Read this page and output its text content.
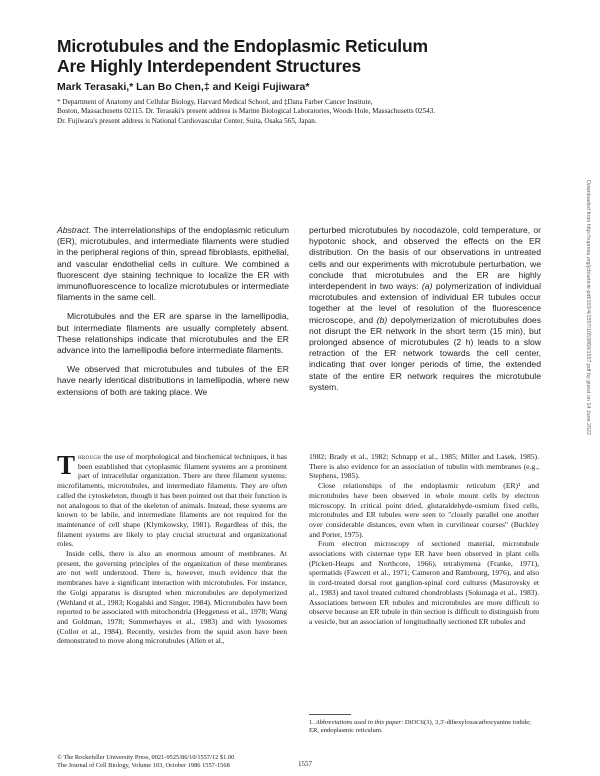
Microtubules and the Endoplasmic Reticulum
Are Highly Interdependent Structures
Mark Terasaki,* Lan Bo Chen,‡ and Keigi Fujiwara*
* Department of Anatomy and Cellular Biology, Harvard Medical School, and ‡Dana Farber Cancer Institute,
Boston, Massachusetts 02115. Dr. Terasaki's present address is Marine Biological Laboratories, Woods Hole, Massachusetts 02543.
Dr. Fujiwara's present address is National Cardiovascular Center, Suita, Osaka 565, Japan.

Abstract. The interrelationships of the endoplasmic reticulum (ER), microtubules, and intermediate filaments were studied in the peripheral regions of thin, spread fibroblasts, epithelial, and vascular endothelial cells in culture. We combined a fluorescent dye staining technique to localize the ER with immunofluorescence to localize microtubules or intermediate filaments in the same cell.

Microtubules and the ER are sparse in the lamellipodia, but intermediate filaments are usually completely absent. These relationships indicate that microtubules and the ER advance into the lamellipodia before intermediate filaments.

We observed that microtubules and tubules of the ER have nearly identical distributions in lamellipodia, where new extensions of both are taking place. We

perturbed microtubules by nocodazole, cold temperature, or hypotonic shock, and observed the effects on the ER distribution. On the basis of our observations in untreated cells and our experiments with microtubule perturbation, we conclude that microtubules and the ER are highly interdependent in two ways: (a) polymerization of individual microtubules and extension of individual ER tubules occur together at the level of resolution of the fluorescence microscope, and (b) depolymerization of microtubules does not disrupt the ER network in the short term (15 min), but prolonged absence of microtubules (2 h) leads to a slow retraction of the ER network towards the cell center, indicating that over longer periods of time, the extended state of the entire ER network requires the microtubule system.

Through the use of morphological and biochemical techniques, it has been established that cytoplasmic filament systems are a prominent part of intracellular organization. There are three filament systems: microfilaments, microtubules, and intermediate filaments. They are often called the cytoskeleton, though it has been pointed out that their function is not analogous to that of the skeleton of animals. Instead, these systems are known to be labile, and intermediate filaments are not required for the maintenance of cell shape (Klymkowsky, 1981). Regardless of this, the filament systems are likely to play crucial structural and organizational roles.

Inside cells, there is also an enormous amount of membranes. At present, the governing principles of the organization of these membranes are not well understood. There is, however, much evidence that the membranes have a significant interaction with microtubules. For instance, the Golgi apparatus is disrupted when microtubules are depolymerized (Wehland et al., 1983; Kogalski and Singer, 1984). Microtubules have been reported to be associated with mitochondria (Heggeness et al., 1978; Wang and Goldman, 1978; Summerhayes et al., 1983) and with lysosomes (Collot et al., 1984). Recently, vesicles from the squid axon have been demonstrated to move along microtubules (Allen et al.,

1982; Brady et al., 1982; Schnapp et al., 1985; Miller and Lasek, 1985). There is also evidence for an association of tubulin with membranes (e.g., Stephens, 1985).

Close relationships of the endoplasmic reticulum (ER)¹ and microtubules have been observed in whole mount cells by electron microscopy. In critical point dried, glutaraldehyde-osmium fixed cells, microtubules and ER tubules were seen to "closely parallel one another over considerable distances, even when in curvilinear courses" (Buckley and Porter, 1975).

From electron microscopy of sectioned material, microtubule associations with cisternae type ER have been observed in plant cells (Pickett-Heaps and Northcote, 1966), tetrahymena (Franke, 1971), spermatids (Fawcett et al., 1971; Cameron and Rambourg, 1976), and also in cord-treated dorsal root ganglion-spinal cord cultures (Masurovsky et al., 1983) and taxol treated cultured chondroblasts (Sokunaga et al., 1983). Associations between ER tubules and microtubules are more difficult to observe because an ER tubule in thin section is difficult to distinguish from a vesicle, but an association of longitudinally sectioned ER tubules and

1. Abbreviations used in this paper: DiOC6(3), 3,3'-dihexyloxacarbocyanine iodide; ER, endoplasmic reticulum.
© The Rockefeller University Press, 0021-9525/86/10/1557/12 $1.00
The Journal of Cell Biology, Volume 103, October 1986 1557-1568	1557
Downloaded from http://rupress.org/jcb/article-pdf/103/4/1557/1053869/1557.pdf by guest on 14 June 2022
